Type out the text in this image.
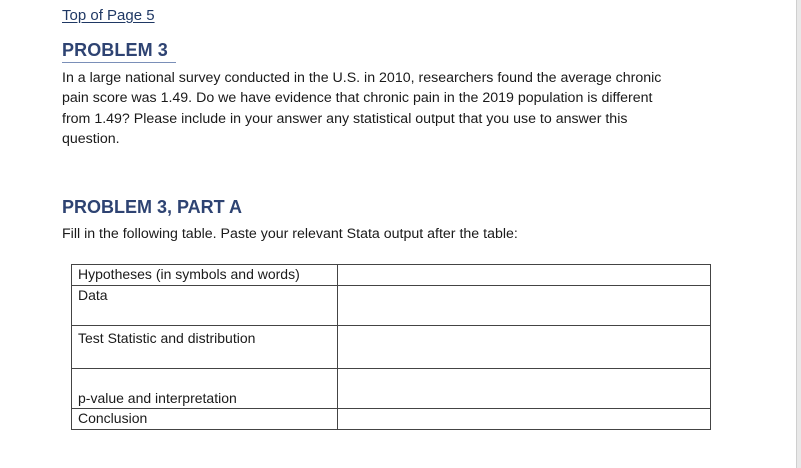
Top of Page 5
PROBLEM 3
In a large national survey conducted in the U.S. in 2010, researchers found the average chronic
pain score was 1.49. Do we have evidence that chronic pain in the 2019 population is different
from 1.49? Please include in your answer any statistical output that you use to answer this
question.
PROBLEM 3, PART A
Fill in the following table. Paste your relevant Stata output after the table:
Hypotheses (in symbols and words)	
Data	
Test Statistic and distribution	
p-value and interpretation	
Conclusion	
